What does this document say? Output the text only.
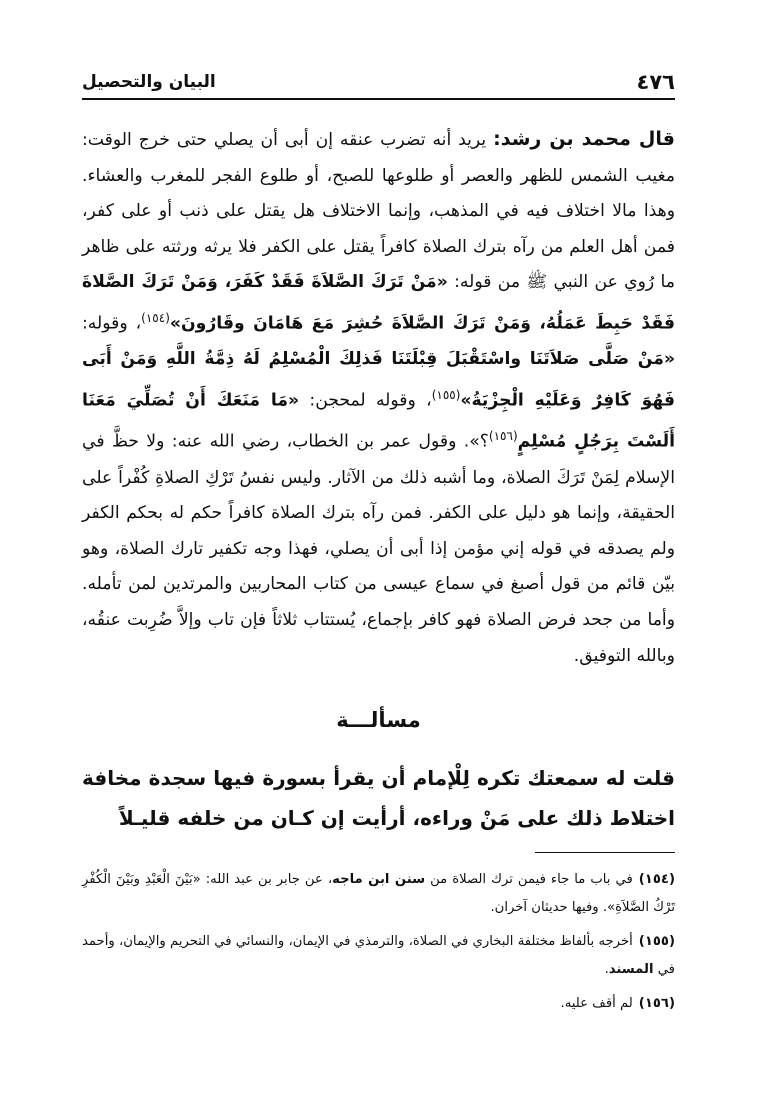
٤٧٦
البيان والتحصيل

قال محمد بن رشد: يريد أنه تضرب عنقه إن أبى أن يصلي حتى خرج الوقت: مغيب الشمس للظهر والعصر أو طلوعها للصبح، أو طلوع الفجر للمغرب والعشاء. وهذا مالا اختلاف فيه في المذهب، وإنما الاختلاف هل يقتل على ذنب أو على كفر، فمن أهل العلم من رآه بترك الصلاة كافراً يقتل على الكفر فلا يرثه ورثته على ظاهر ما رُوي عن النبي ﷺ من قوله: «مَنْ تَرَكَ الصَّلاَةَ فَقَدْ كَفَرَ، وَمَنْ تَرَكَ الصَّلاةَ فَقَدْ حَبِطَ عَمَلُهُ، وَمَنْ تَرَكَ الصَّلاَةَ حُشِرَ مَعَ هَامَانَ وقَارُونَ»$^{(١٥٤)}$، وقوله: «مَنْ صَلَّى صَلاَتَنَا واسْتَقْبَلَ قِبْلَتَنَا فَذلِكَ الْمُسْلِمُ لَهُ ذِمَّةُ اللَّهِ وَمَنْ أَبَى فَهُوَ كَافِرٌ وَعَلَيْهِ الْجِزْيَةُ»$^{(١٥٥)}$، وقوله لمحجن: «مَا مَنَعَكَ أَنْ تُصَلِّيَ مَعَنَا أَلَسْتَ بِرَجُلٍ مُسْلِمٍ$^{(١٥٦)}$؟». وقول عمر بن الخطاب، رضي الله عنه: ولا حظَّ في الإسلام لِمَنْ تَرَكَ الصلاة، وما أشبه ذلك من الآثار. وليس نفسُ تَرْكِ الصلاةِ كُفْراً على الحقيقة، وإنما هو دليل على الكفر. فمن رآه بترك الصلاة كافراً حكم له بحكم الكفر ولم يصدقه في قوله إني مؤمن إذا أبى أن يصلي، فهذا وجه تكفير تارك الصلاة، وهو بيّن قائم من قول أصبغ في سماع عيسى من كتاب المحاربين والمرتدين لمن تأمله. وأما من جحد فرض الصلاة فهو كافر بإجماع، يُستتاب ثلاثاً فإن تاب وإلاَّ ضُرِبت عنقُه، وبالله التوفيق.

مسألـــة

قلت له سمعتك تكره لِلْإمام أن يقرأ بسورة فيها سجدة مخافة اختلاط ذلك على مَنْ وراءه، أرأيت إن كـان من خلفه قليـلاً

(١٥٤)في باب ما جاء فيمن ترك الصلاة من سنن ابن ماجه، عن جابر بن عبد الله: «بَيْنَ الْعَبْدِ وبَيْنَ الْكُفْرِ تَرْكُ الصَّلاَةِ». وفيها حديثان آخران.

(١٥٥)أخرجه بألفاظ مختلفة البخاري في الصلاة، والترمذي في الإيمان، والنسائي في التحريم والإيمان، وأحمد في المسند.

(١٥٦)لم أقف عليه.
